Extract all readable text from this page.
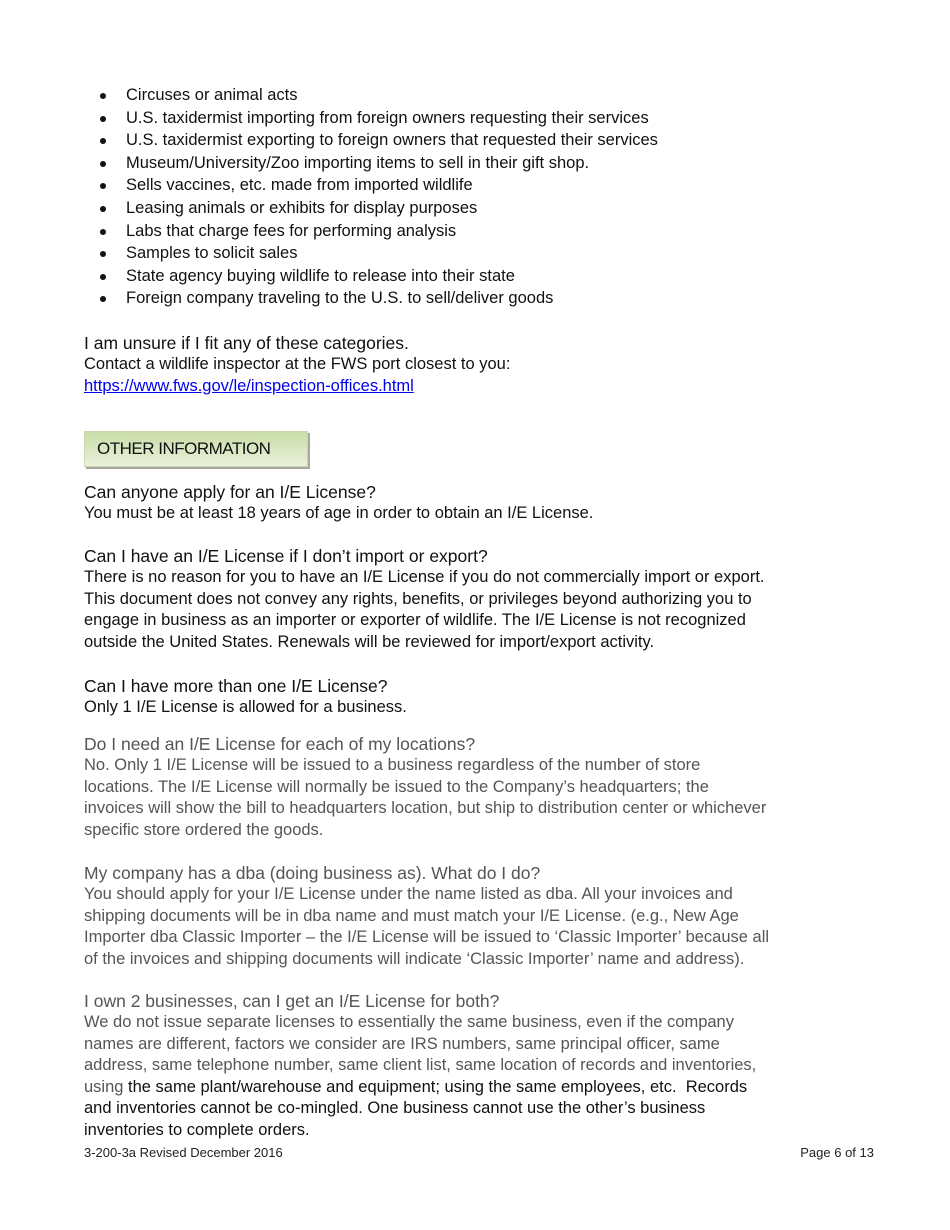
Circuses or animal acts
U.S. taxidermist importing from foreign owners requesting their services
U.S. taxidermist exporting to foreign owners that requested their services
Museum/University/Zoo importing items to sell in their gift shop.
Sells vaccines, etc. made from imported wildlife
Leasing animals or exhibits for display purposes
Labs that charge fees for performing analysis
Samples to solicit sales
State agency buying wildlife to release into their state
Foreign company traveling to the U.S. to sell/deliver goods
I am unsure if I fit any of these categories.
Contact a wildlife inspector at the FWS port closest to you:
https://www.fws.gov/le/inspection-offices.html
OTHER INFORMATION
Can anyone apply for an I/E License?
You must be at least 18 years of age in order to obtain an I/E License.
Can I have an I/E License if I don’t import or export?
There is no reason for you to have an I/E License if you do not commercially import or export.
This document does not convey any rights, benefits, or privileges beyond authorizing you to
engage in business as an importer or exporter of wildlife. The I/E License is not recognized
outside the United States. Renewals will be reviewed for import/export activity.
Can I have more than one I/E License?
Only 1 I/E License is allowed for a business.
Do I need an I/E License for each of my locations?
No. Only 1 I/E License will be issued to a business regardless of the number of store
locations. The I/E License will normally be issued to the Company’s headquarters; the
invoices will show the bill to headquarters location, but ship to distribution center or whichever
specific store ordered the goods.
My company has a dba (doing business as). What do I do?
You should apply for your I/E License under the name listed as dba. All your invoices and
shipping documents will be in dba name and must match your I/E License. (e.g., New Age
Importer dba Classic Importer – the I/E License will be issued to ‘Classic Importer’ because all
of the invoices and shipping documents will indicate ‘Classic Importer’ name and address).
I own 2 businesses, can I get an I/E License for both?
We do not issue separate licenses to essentially the same business, even if the company
names are different, factors we consider are IRS numbers, same principal officer, same
address, same telephone number, same client list, same location of records and inventories,
using the same plant/warehouse and equipment; using the same employees, etc.  Records
and inventories cannot be co-mingled. One business cannot use the other’s business
inventories to complete orders.
3-200-3a Revised December 2016	Page 6 of 13
